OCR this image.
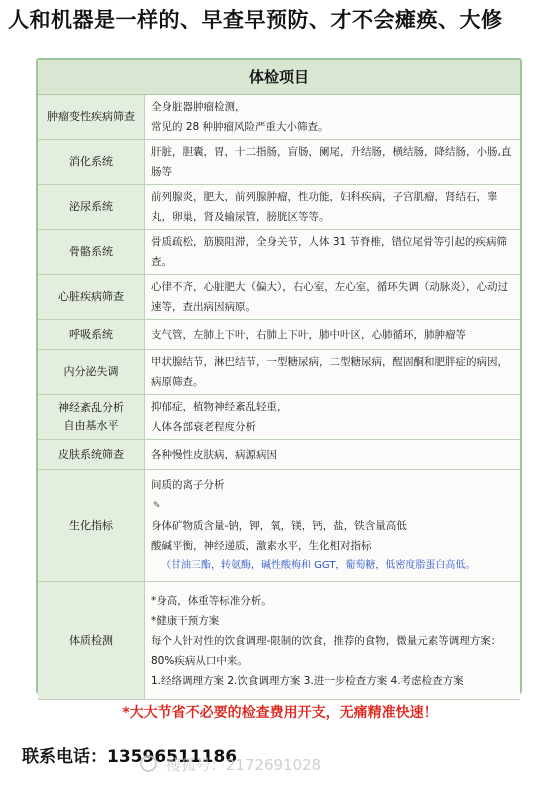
人和机器是一样的、早查早预防、才不会瘫痪、大修
体检项目
肿瘤变性疾病筛查	全身脏器肿瘤检测，
常见的 28 种肿瘤风险严重大小筛查。

消化系统	肝脏，胆囊，胃，十二指肠，盲肠，阑尾，升结肠，横结肠，降结肠，小肠,直肠等

泌尿系统	前列腺炎，肥大，前列腺肿瘤，性功能，妇科疾病，子宫肌瘤，肾结石，睾丸，卵巢，肾及输尿管，膀胱区等等。

骨骼系统	骨质疏松，筋膜阻滞，全身关节，人体 31 节脊椎，错位尾骨等引起的疾病筛查。

心脏疾病筛查	心律不齐，心脏肥大（偏大），右心室，左心室，循环失调（动脉炎），心动过速等，查出病因病原。

呼吸系统	支气管，左肺上下叶，右肺上下叶，肺中叶区，心肺循环，肺肿瘤等

内分泌失调	甲状腺结节，淋巴结节，一型糖尿病，二型糖尿病，酲固酮和肥胖症的病因，病原筛查。

神经紊乱分析
自由基水平	抑郁症，植物神经紊乱轻重，
人体各部衰老程度分析

皮肤系统筛查	各种慢性皮肤病，病源病因

生化指标	间质的离子分析
✎
身体矿物质含量-钠，钾，氧，镁，钙，盐，铁含量高低
酸碱平衡，神经递质，激素水平，生化相对指标
（甘油三酯，转氨酶，碱性酸梅和 GGT，葡萄糖，低密度脂蛋白高低。

体质检测	*身高，体重等标准分析。
*健康干预方案
每个人针对性的饮食调理-限制的饮食，推荐的食物，微量元素等调理方案：
80%疾病从口中来。
1.经络调理方案 2.饮食调理方案 3.进一步检查方案 4.考虑检查方案
*大大节省不必要的检查费用开支，无痛精准快速！
联系电话：13596511186
搜狐号：2172691028
